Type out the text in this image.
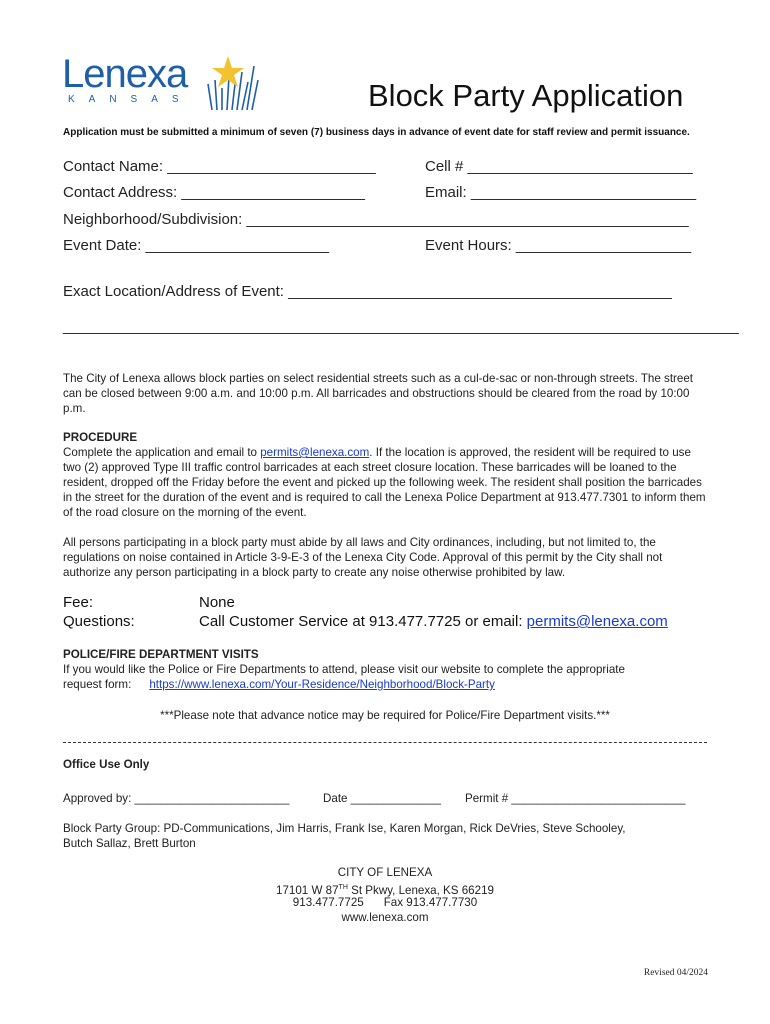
Lenexa
KANSAS	Block Party Application
Application must be submitted a minimum of seven (7) business days in advance of event date for staff review and permit issuance.
Contact Name: _________________________	Cell # ___________________________
Contact Address: ______________________	Email: ___________________________
Neighborhood/Subdivision: _____________________________________________________
Event Date: ______________________	Event Hours: _____________________
Exact Location/Address of Event: ______________________________________________
_________________________________________________________________________________

The City of Lenexa allows block parties on select residential streets such as a cul-de-sac or non-through streets. The street can be closed between 9:00 a.m. and 10:00 p.m. All barricades and obstructions should be cleared from the road by 10:00 p.m.

PROCEDURE

Complete the application and email to permits@lenexa.com. If the location is approved, the resident will be required to use two (2) approved Type III traffic control barricades at each street closure location. These barricades will be loaned to the resident, dropped off the Friday before the event and picked up the following week. The resident shall position the barricades in the street for the duration of the event and is required to call the Lenexa Police Department at 913.477.7301 to inform them of the road closure on the morning of the event.

All persons participating in a block party must abide by all laws and City ordinances, including, but not limited to, the regulations on noise contained in Article 3-9-E-3 of the Lenexa City Code. Approval of this permit by the City shall not authorize any person participating in a block party to create any noise otherwise prohibited by law.

Fee:	None
Questions:	Call Customer Service at 913.477.7725 or email: permits@lenexa.com

POLICE/FIRE DEPARTMENT VISITS

If you would like the Police or Fire Departments to attend, please visit our website to complete the appropriate

request form: https://www.lenexa.com/Your-Residence/Neighborhood/Block-Party

***Please note that advance notice may be required for Police/Fire Department visits.***
Office Use Only
Approved by: ________________________	Date ______________ Permit # ___________________________
Block Party Group: PD-Communications, Jim Harris, Frank Ise, Karen Morgan, Rick DeVries, Steve Schooley,
Butch Sallaz, Brett Burton
CITY OF LENEXA
17101 W 87TH St Pkwy, Lenexa, KS 66219
913.477.7725 Fax 913.477.7730
www.lenexa.com
Revised 04/2024
